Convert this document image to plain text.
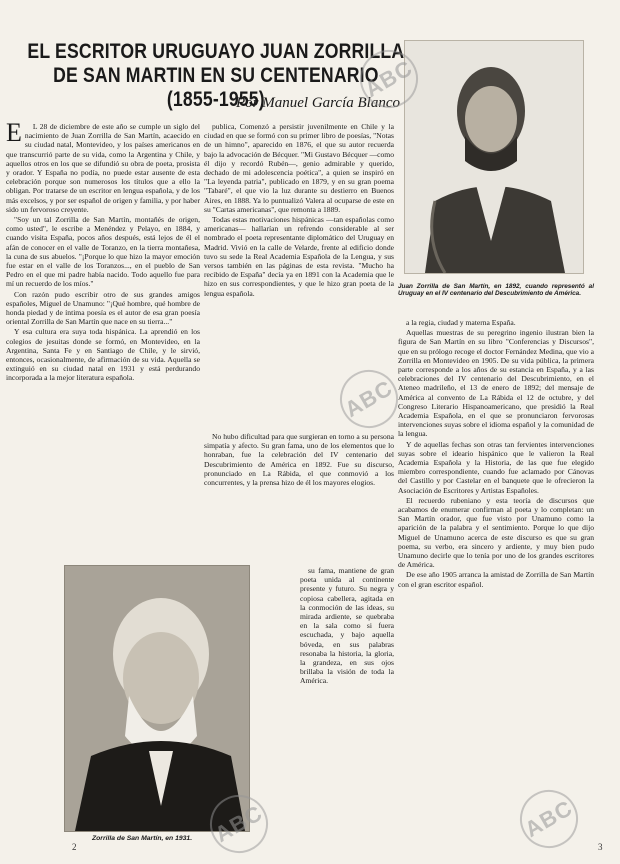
EL ESCRITOR URUGUAYO JUAN ZORRILLA DE SAN MARTIN EN SU CENTENARIO (1855-1955)
Por Manuel García Blanco
E	L 28 de diciembre de este año se cumple un siglo del nacimiento de Juan Zorrilla de San Martín, acaecido en su ciudad natal, Montevideo, y los países americanos en que transcurrió parte de su vida, como la Argentina y Chile, y aquellos otros en los que se difundió su obra de poeta, prosista y orador. Y España no podía, no puede estar ausente de esta celebración porque son numerosos los títulos que a ello la obligan. Por tratarse de un escritor en lengua española, y de los más excelsos, y por ser español de origen y familia, y por haber sido un fervoroso creyente.

"Soy un tal Zorrilla de San Martín, montañés de origen, como usted", le escribe a Menéndez y Pelayo, en 1884, y cuando visita España, pocos años después, está lejos de él el afán de conocer en el valle de Toranzo, en la tierra montañesa, la cuna de sus abuelos. "¡Porque lo que hizo la mayor emoción fue estar en el valle de los Toranzos..., en el pueblo de San Pedro en el que mi padre había nacido. Todo aquello fue para mí un recuerdo de los míos."

Con razón pudo escribir otro de sus grandes amigos españoles, Miguel de Unamuno: "¡Qué hombre, qué hombre de honda piedad y de íntima poesía es el autor de esa gran poesía oriental Zorrilla de San Martín que nace en su tierra..."

Y esa cultura era suya toda hispánica. La aprendió en los colegios de jesuitas donde se formó, en Montevideo, en la Argentina, Santa Fe y en Santiago de Chile, y le sirvió, entonces, ocasionalmente, de afirmación de su vida. Aquella se extinguió en su ciudad natal en 1931 y está perdurando incorporada a la mejor literatura española.

publica, Comenzó a persistir juvenilmente en Chile y la ciudad en que se formó con su primer libro de poesías, "Notas de un himno", aparecido en 1876, el que su autor recuerda bajo la advocación de Bécquer. "Mi Gustavo Bécquer —como él dijo y recordó Rubén—, genio admirable y querido, dechado de mi adolescencia poética", a quien se inspiró en "La leyenda patria", publicado en 1879, y en su gran poema "Tabaré", el que vio la luz durante su destierro en Buenos Aires, en 1888. Ya lo puntualizó Valera al ocuparse de este en su "Cartas americanas", que remonta a 1889.

Todas estas motivaciones hispánicas —tan españolas como americanas— hallarían un refrendo considerable al ser nombrado el poeta representante diplomático del Uruguay en Madrid. Vivió en la calle de Velarde, frente al edificio donde tuvo su sede la Real Academia Española de la Lengua, y sus versos también en las páginas de esta revista. "Mucho ha recibido de España" decía ya en 1891 con la Academia que le hizo en sus correspondientes, y que le hizo gran poeta de la lengua española.

No hubo dificultad para que surgieran en torno a su persona simpatía y afecto. Su gran fama, uno de los elementos que lo honraban, fue la celebración del IV centenario del Descubrimiento de América en 1892. Fue su discurso, pronunciado en La Rábida, el que conmovió a los concurrentes, y la prensa hizo de él los mayores elogios.

su fama, mantiene de gran poeta unida al continente presente y futuro. Su negra y copiosa cabellera, agitada en la conmoción de las ideas, su mirada ardiente, se quebraba en la sala como si fuera escuchada, y bajo aquella bóveda, en sus palabras resonaba la historia, la gloria, la grandeza, en sus ojos brillaba la visión de toda la América.

Juan Zorrilla de San Martín, en 1892, cuando representó al Uruguay en el IV centenario del Descubrimiento de América.

a la regia, ciudad y materna España.

Aquellas muestras de su peregrino ingenio ilustran bien la figura de San Martín en su libro "Conferencias y Discursos", que en su prólogo recoge el doctor Fernández Medina, que vio a Zorrilla en Montevideo en 1905. De su vida pública, la primera parte corresponde a los años de su estancia en España, y a las celebraciones del IV centenario del Descubrimiento, en el Ateneo madrileño, el 13 de enero de 1892; del mensaje de América al convento de La Rábida el 12 de octubre, y del Congreso Literario Hispanoamericano, que presidió la Real Academia Española, en el que se pronunciaron fervorosas intervenciones suyas sobre el idioma español y la comunidad de la lengua.

Y de aquellas fechas son otras tan fervientes intervenciones suyas sobre el ideario hispánico que le valieron la Real Academia Española y la Historia, de las que fue elegido miembro correspondiente, cuando fue aclamado por Cánovas del Castillo y por Castelar en el banquete que le ofrecieron la Asociación de Escritores y Artistas Españoles.

El recuerdo rubeniano y esta teoría de discursos que acabamos de enumerar confirman al poeta y lo completan: un San Martín orador, que fue visto por Unamuno como la aparición de la palabra y el sentimiento. Porque lo que dijo Miguel de Unamuno acerca de este discurso es que su gran poema, su verbo, era sincero y ardiente, y muy bien pudo Unamuno decirle que lo tenía por uno de los grandes escritores de América.

De ese año 1905 arranca la amistad de Zorrilla de San Martín con el gran escritor español.

Zorrilla de San Martín, en 1931.
ABC
ABC
ABC	ABC
2	3
